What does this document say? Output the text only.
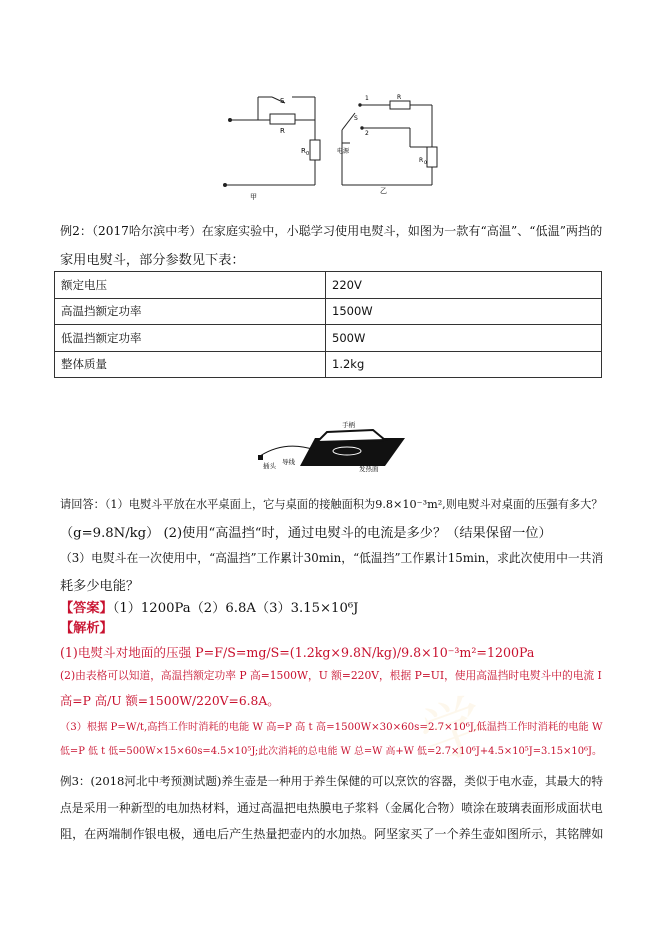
S
R
R 0
甲
1	R
S
2
电源
R 0
乙
例2：（2017哈尔滨中考）在家庭实验中，小聪学习使用电熨斗，如图为一款有“高温”、“低温”两挡的
家用电熨斗，部分参数见下表：
额定电压	220V
高温挡额定功率	1500W
低温挡额定功率	500W
整体质量	1.2kg
手柄
导线
插头	发热面
请回答：（1）电熨斗平放在水平桌面上，它与桌面的接触面积为9.8×10⁻³m²,则电熨斗对桌面的压强有多大？
（g=9.8N/kg） (2)使用“高温挡“时，通过电熨斗的电流是多少？（结果保留一位）
（3）电熨斗在一次使用中，“高温挡”工作累计30min，“低温挡”工作累计15min，求此次使用中一共消
耗多少电能？
【答案】（1）1200Pa（2）6.8A（3）3.15×10⁶J
【解析】
学
(1)电熨斗对地面的压强 P=F/S=mg/S=(1.2kg×9.8N/kg)/9.8×10⁻³m²=1200Pa
(2)由表格可以知道，高温挡额定功率 P 高=1500W，U 额=220V，根据 P=UI，使用高温挡时电熨斗中的电流 I
高=P 高/U 额=1500W/220V=6.8A。
（3）根据 P=W/t,高挡工作时消耗的电能 W 高=P 高 t 高=1500W×30×60s=2.7×10⁶J,低温挡工作时消耗的电能 W
低=P 低 t 低=500W×15×60s=4.5×10⁵J;此次消耗的总电能 W 总=W 高+W 低=2.7×10⁶J+4.5×10⁵J=3.15×10⁶J。
例3：(2018河北中考预测试题)养生壶是一种用于养生保健的可以烹饮的容器，类似于电水壶，其最大的特
点是采用一种新型的电加热材料，通过高温把电热膜电子浆料（金属化合物）喷涂在玻璃表面形成面状电
阻，在两端制作银电极，通电后产生热量把壶内的水加热。阿坚家买了一个养生壶如图所示，其铭牌如
